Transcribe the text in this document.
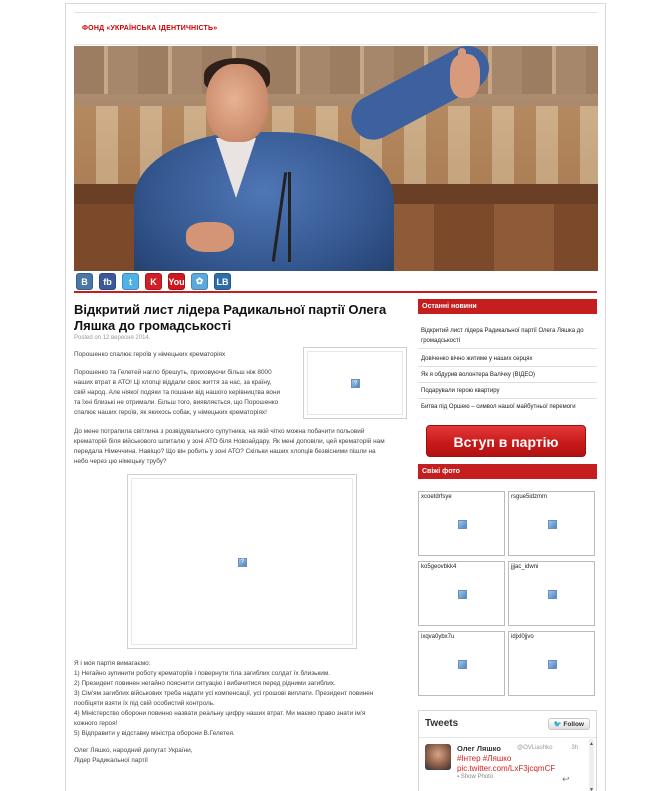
ФОНД «УКРАЇНСЬКА ІДЕНТИЧНІСТЬ»
B	fb	t	K	You	✿	LB
Відкритий лист лідера Радикальної партії Олега Ляшка до громадськості
Posted on 12 вересня 2014.
Порошенко спалює героїв у німецьких крематоріях
Порошенко та Гелетей нагло брешуть, приховуючи більш ніж 8000
наших втрат в АТО! Ці хлопці віддали своє життя за нас, за країну,
свій народ. Але ніякої подяки та пошани від нашого керівництва вони
та їхні близькі не отримали. Більш того, виявляється, що Порошенко
спалює наших героїв, як якихось собак, у німецьких крематоріях!
?
До мене потрапила світлина з розвідувального супутника, на якій чітко можна побачити польовий
крематорій біля військового шпиталю у зоні АТО біля Новоайдару. Як мені доповіли, цей крематорій нам
передала Німеччина. Навіщо? Що він робить у зоні АТО? Скільки наших хлопців безвісними пішли на
небо через цю німецьку трубу?
?
Я і моя партія вимагаємо:
1) Негайно зупинити роботу крематоріїв і повернути тіла загиблих солдат їх близьким.
2) Президент повинен негайно пояснити ситуацію і вибачитися перед рідними загиблих.
3) Сім'ям загиблих військових треба надати усі компенсації, усі грошові виплати. Президент повинен
пообіцяти взяти їх під свій особистий контроль.
4) Міністерство оборони повинно назвати реальну цифру наших втрат. Ми маємо право знати ім'я
кожного героя!
5) Відправити у відставку міністра оборони В.Гелетея.
Олег Ляшко, народний депутат України,
Лідер Радикальної партії
Останні новини
Відкритий лист лідера Радикальної партії Олега Ляшка до громадськості
Довіченко вічно житиме у наших серцях
Як я обдурив волонтера Валічку (ВІДЕО)
Подарували герою квартиру
Битва під Оршею – символ нашої майбутньої перемоги
Вступ в партію
Свіжі фото
xcoetdrfsye	rsgue5idzmm
ko5geovbkk4	jjjac_idwni
ixqva0ybx7u	idjxl0jjvo
Tweets	🐦 Follow
Олег Ляшко	@OVLiashko	3h
#Інтер #Ляшко pic.twitter.com/LxF3jcqmCF
▪ Show Photo	↩
▲
▼
